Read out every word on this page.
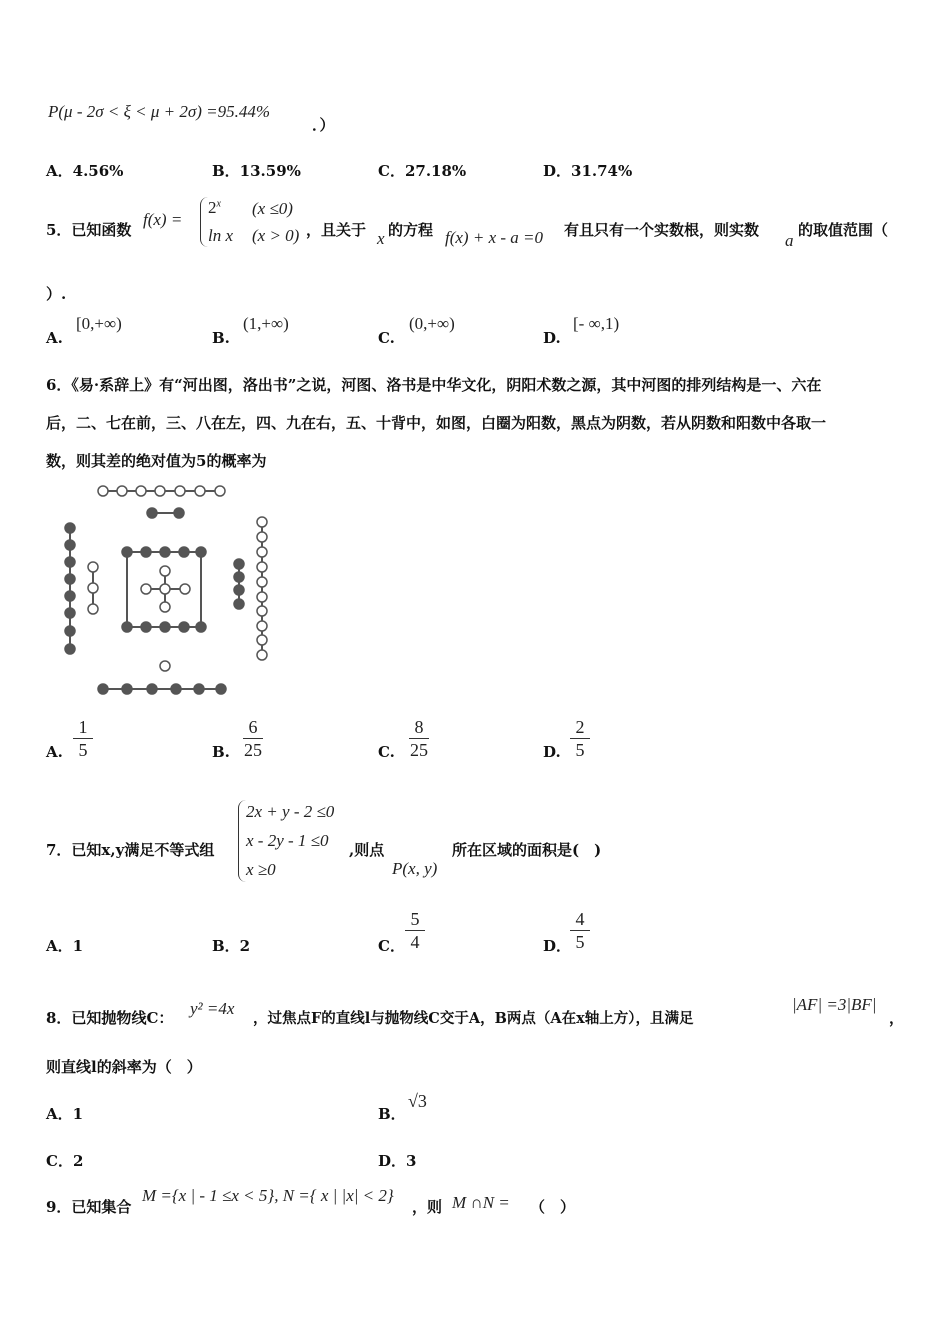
P(μ - 2σ < ξ < μ + 2σ) =95.44%
．）
A．4.56%	B．13.59%	C．27.18%	D．31.74%
5．已知函数
f(x) =
$2^x$ (x ≤0)
ln x (x > 0) ，且关于 x 的方程 f(x) + x - a =0 有且只有一个实数根，则实数
a
的取值范围（
）.
A.
[0,+∞)
B.
(1,+∞)
C.
(0,+∞)
D.
[- ∞,1)
6．《易·系辞上》有“河出图，洛出书”之说，河图、洛书是中华文化，阴阳术数之源，其中河图的排列结构是一、六在
后，二、七在前，三、八在左，四、九在右，五、十背中，如图，白圈为阳数，黑点为阴数，若从阴数和阳数中各取一
数，则其差的绝对值为5的概率为
A.
1
5	B.
6
25	C.
8
25	D.
2
5
7．已知x,y满足不等式组
2x + y - 2 ≤0
x - 2y - 1 ≤0
x ≥0
,则点
P(x, y)
所在区域的面积是(　)
A．1	B．2	C．
5
4	D．
4
5
8．已知抛物线C： y² =4x
，过焦点F的直线l与抛物线C交于A，B两点（A在x轴上方），且满足
|AF| =3|BF|
，
则直线l的斜率为（　）
A．1	B．
√3
C．2	D．3
9．已知集合
M ={x | - 1 ≤x < 5}, N ={ x | |x| < 2}
，则 M ∩N = （　）
